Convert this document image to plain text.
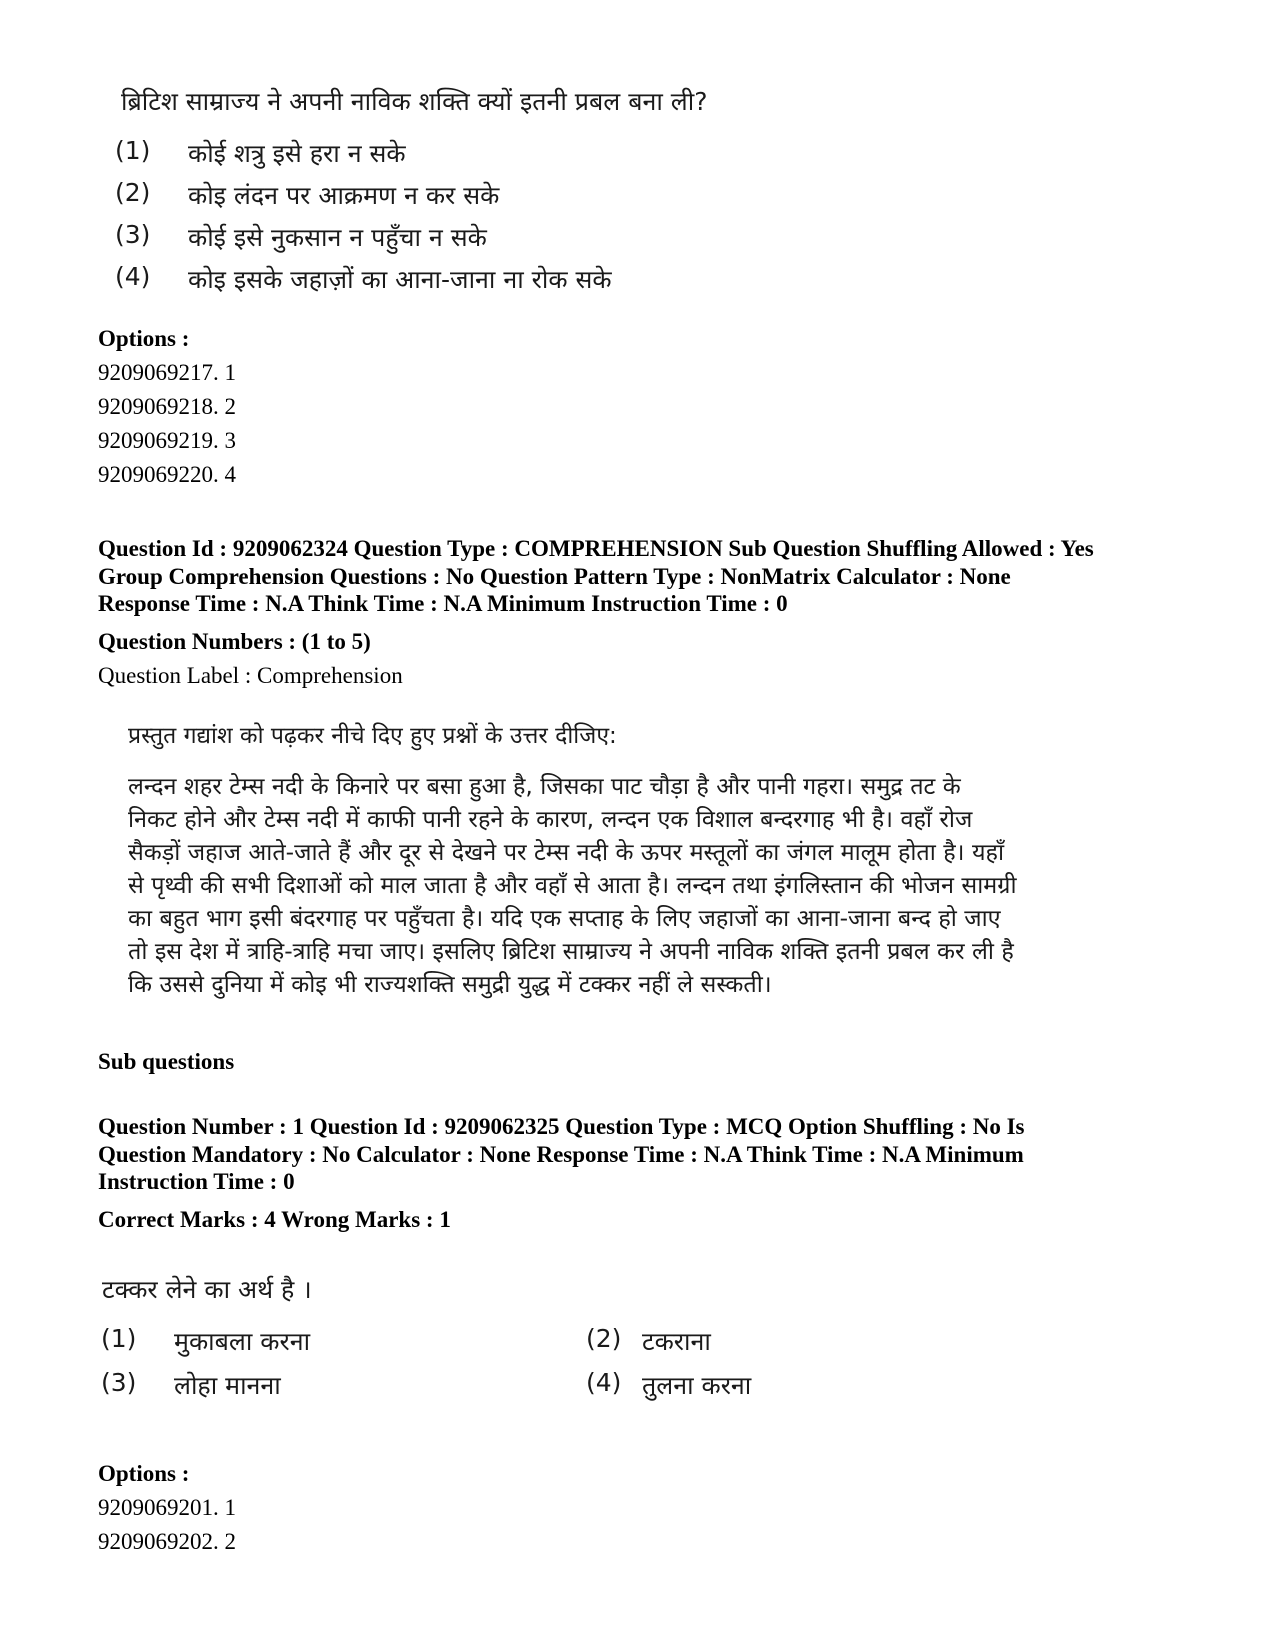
ब्रिटिश साम्राज्य ने अपनी नाविक शक्ति क्यों इतनी प्रबल बना ली?
(1)	कोई शत्रु इसे हरा न सके
(2)	कोइ लंदन पर आक्रमण न कर सके
(3)	कोई इसे नुकसान न पहुँचा न सके
(4)	कोइ इसके जहाज़ों का आना-जाना ना रोक सके
Options :
9209069217. 1
9209069218. 2
9209069219. 3
9209069220. 4
Question Id : 9209062324 Question Type : COMPREHENSION Sub Question Shuffling Allowed : Yes
Group Comprehension Questions : No Question Pattern Type : NonMatrix Calculator : None
Response Time : N.A Think Time : N.A Minimum Instruction Time : 0
Question Numbers : (1 to 5)
Question Label : Comprehension
प्रस्तुत गद्यांश को पढ़कर नीचे दिए हुए प्रश्नों के उत्तर दीजिए:

लन्दन शहर टेम्स नदी के किनारे पर बसा हुआ है, जिसका पाट चौड़ा है और पानी गहरा। समुद्र तट के

निकट होने और टेम्स नदी में काफी पानी रहने के कारण, लन्दन एक विशाल बन्दरगाह भी है। वहाँ रोज

सैकड़ों जहाज आते-जाते हैं और दूर से देखने पर टेम्स नदी के ऊपर मस्तूलों का जंगल मालूम होता है। यहाँ

से पृथ्वी की सभी दिशाओं को माल जाता है और वहाँ से आता है। लन्दन तथा इंगलिस्तान की भोजन सामग्री

का बहुत भाग इसी बंदरगाह पर पहुँचता है। यदि एक सप्ताह के लिए जहाजों का आना-जाना बन्द हो जाए

तो इस देश में त्राहि-त्राहि मचा जाए। इसलिए ब्रिटिश साम्राज्य ने अपनी नाविक शक्ति इतनी प्रबल कर ली है

कि उससे दुनिया में कोइ भी राज्यशक्ति समुद्री युद्ध में टक्कर नहीं ले सस्कती।

Sub questions
Question Number : 1 Question Id : 9209062325 Question Type : MCQ Option Shuffling : No Is
Question Mandatory : No Calculator : None Response Time : N.A Think Time : N.A Minimum
Instruction Time : 0
Correct Marks : 4 Wrong Marks : 1
टक्कर लेने का अर्थ है ।
(1)	मुकाबला करना	(2) टकराना
(3)	लोहा मानना	(4) तुलना करना
Options :
9209069201. 1
9209069202. 2
